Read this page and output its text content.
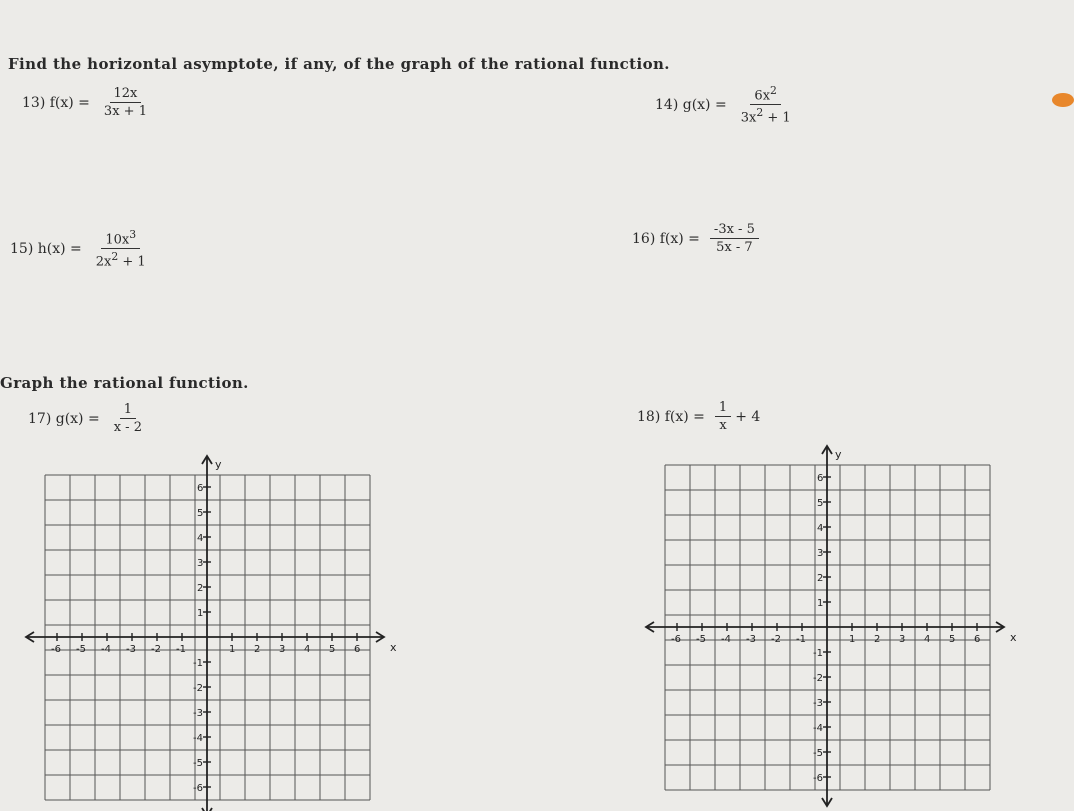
Find the horizontal asymptote, if any, of the graph of the rational function.
Graph the rational function.
13) $f(x) = \frac{12x}{3x + 1}$	14) $g(x) = \frac{6x^2}{3x^2 + 1}$
15) $h(x) = \frac{10x^3}{2x^2 + 1}$	16) $f(x) = \frac{-3x - 5}{5x - 7}$
17) $g(x) = \frac{1}{x - 2}$	18) $f(x) = \frac{1}{x} + 4$
-6 -5 -4 -3 -2 -1	1 2 3 4 5 6
6
5
4
3
2
1
-1
-2
-3
-4
-5
-6
x
y
-6 -5 -4 -3 -2 -1	1 2 3 4 5 6
6
5
4
3
2
1
-1
-2
-3
-4
-5
-6
x
y
